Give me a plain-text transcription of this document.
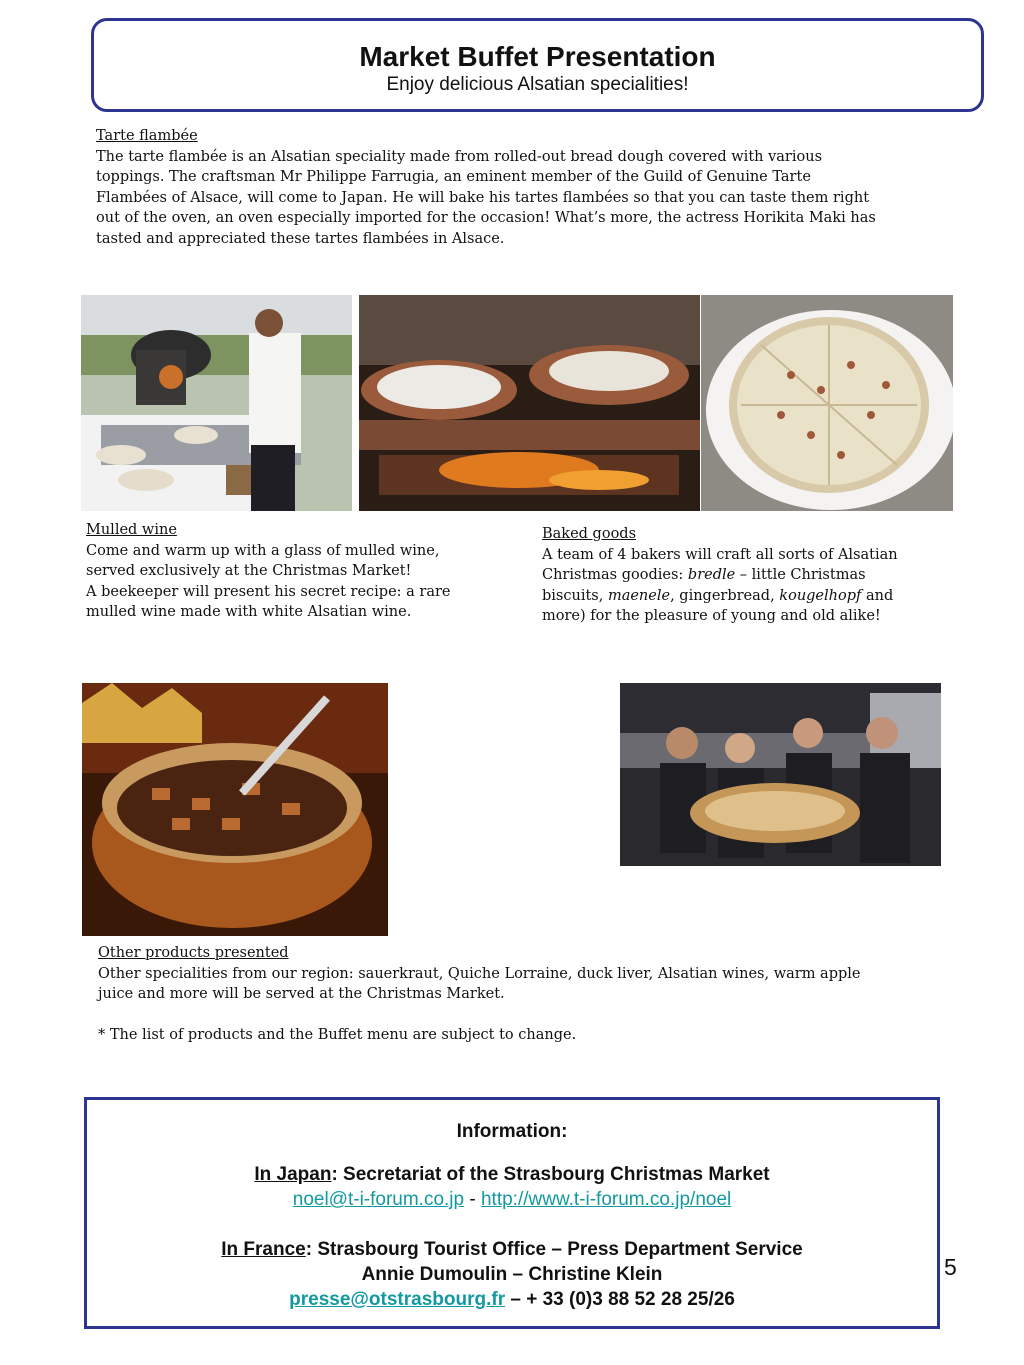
Market Buffet Presentation
Enjoy delicious Alsatian specialities!
Tarte flambée
The tarte flambée is an Alsatian speciality made from rolled-out bread dough covered with various
toppings. The craftsman Mr Philippe Farrugia, an eminent member of the Guild of Genuine Tarte
Flambées of Alsace, will come to Japan. He will bake his tartes flambées so that you can taste them right
out of the oven, an oven especially imported for the occasion! What’s more, the actress Horikita Maki has
tasted and appreciated these tartes flambées in Alsace.
Mulled wine
Come and warm up with a glass of mulled wine,
served exclusively at the Christmas Market!
A beekeeper will present his secret recipe: a rare
mulled wine made with white Alsatian wine.
Baked goods
A team of 4 bakers will craft all sorts of Alsatian
Christmas goodies: bredle – little Christmas
biscuits, maenele, gingerbread, kougelhopf and
more) for the pleasure of young and old alike!
Other products presented
Other specialities from our region: sauerkraut, Quiche Lorraine, duck liver, Alsatian wines, warm apple
juice and more will be served at the Christmas Market.
* The list of products and the Buffet menu are subject to change.
Information:
In Japan: Secretariat of the Strasbourg Christmas Market
noel@t-i-forum.co.jp - http://www.t-i-forum.co.jp/noel
In France: Strasbourg Tourist Office – Press Department Service
Annie Dumoulin – Christine Klein
presse@otstrasbourg.fr – + 33 (0)3 88 52 28 25/26
5
